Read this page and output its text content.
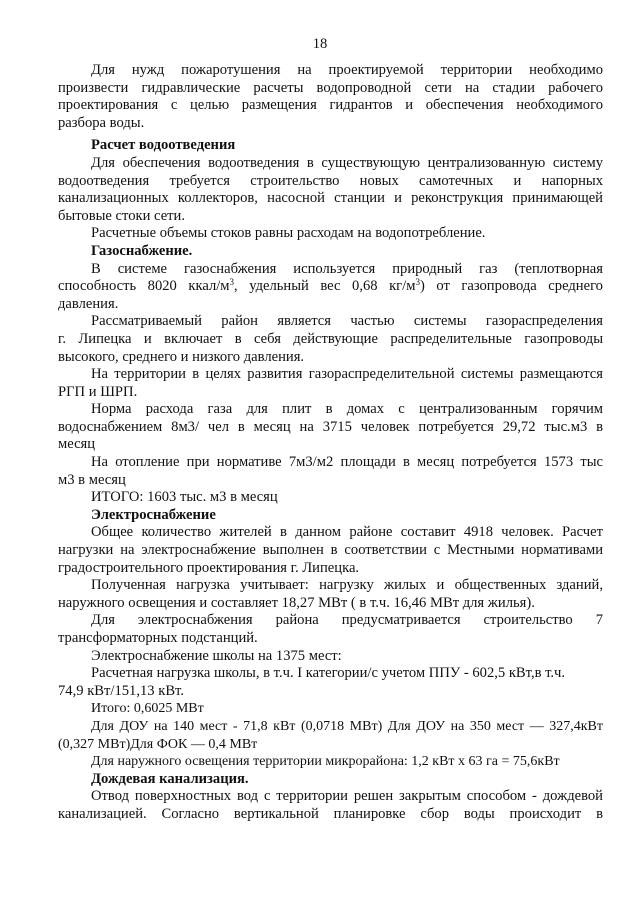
18
Для нужд пожаротушения на проектируемой территории необходимо
произвести гидравлические расчеты водопроводной сети на стадии рабочего
проектирования с целью размещения гидрантов и обеспечения необходимого
разбора воды.
Расчет водоотведения
Для обеспечения водоотведения в существующую централизованную систему
водоотведения требуется строительство новых самотечных и напорных
канализационных коллекторов, насосной станции и реконструкция принимающей
бытовые стоки сети.
Расчетные объемы стоков равны расходам на водопотребление.
Газоснабжение.
В системе газоснабжения используется природный газ (теплотворная
способность 8020 ккал/$м^3$, удельный вес 0,68 $кг/м^3$) от газопровода среднего
давления.
Рассматриваемый район является частью системы газораспределения
г. Липецка и включает в себя действующие распределительные газопроводы
высокого, среднего и низкого давления.
На территории в целях развития газораспределительной системы размещаются
РГП и ШРП.
Норма расхода газа для плит в домах с централизованным горячим
водоснабжением 8м3/ чел в месяц на 3715 человек потребуется 29,72 тыс.м3 в
месяц
На отопление при нормативе 7м3/м2 площади в месяц потребуется 1573 тыс
м3 в месяц
ИТОГО: 1603 тыс. м3 в месяц
Электроснабжение
Общее количество жителей в данном районе составит 4918 человек. Расчет
нагрузки на электроснабжение выполнен в соответствии с Местными нормативами
градостроительного проектирования г. Липецка.
Полученная нагрузка учитывает: нагрузку жилых и общественных зданий,
наружного освещения и составляет 18,27 МВт ( в т.ч. 16,46 МВт для жилья).
Для электроснабжения района предусматривается строительство 7
трансформаторных подстанций.
Электроснабжение школы на 1375 мест:
Расчетная нагрузка школы, в т.ч. I категории/с учетом ППУ - 602,5 кВт,в т.ч.
74,9 кВт/151,13 кВт.
Итого: 0,6025 МВт
Для ДОУ на 140 мест - 71,8 кВт (0,0718 МВт) Для ДОУ на 350 мест — 327,4кВт
(0,327 МВт)Для ФОК — 0,4 МВт
Для наружного освещения территории микрорайона: 1,2 кВт х 63 га = 75,6кВт
Дождевая канализация.
Отвод поверхностных вод с территории решен закрытым способом - дождевой
канализацией. Согласно вертикальной планировке сбор воды происходит в
